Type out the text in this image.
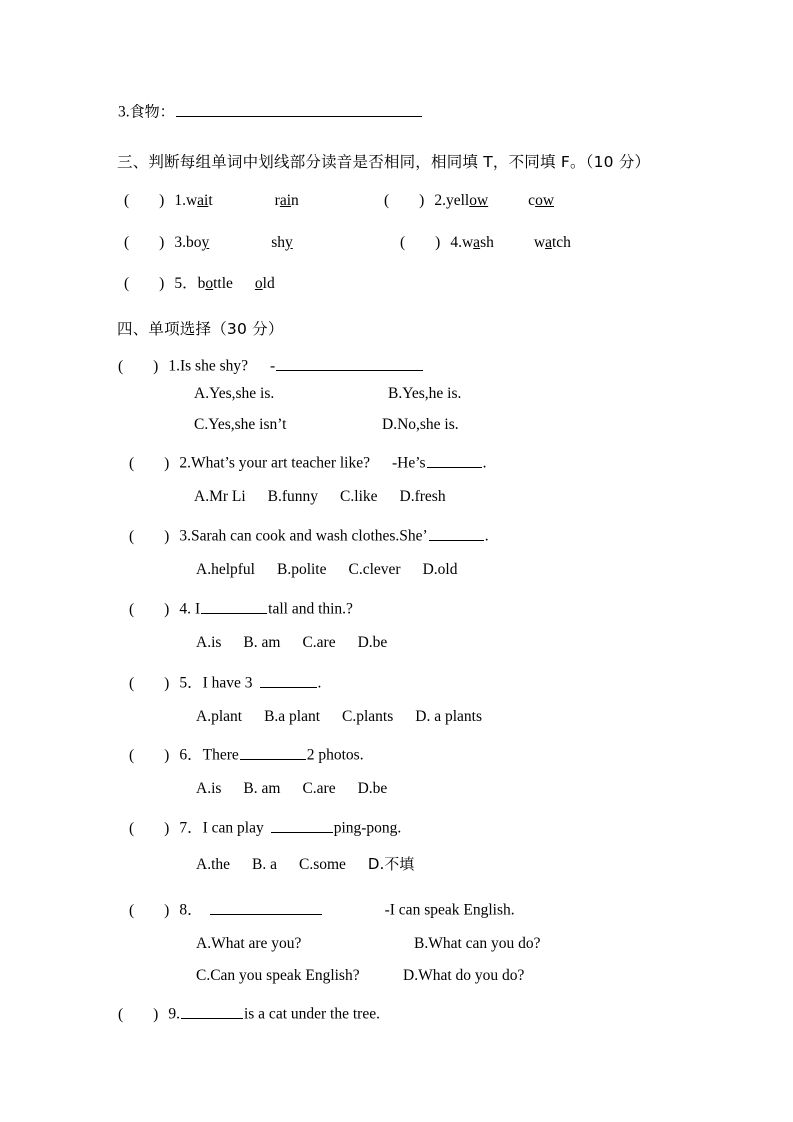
3.食物：
三、判断每组单词中划线部分读音是否相同，相同填 T，不同填 F。（10 分）
( ) 1.wait	rain	( ) 2.yellow	cow
( ) 3.boy	shy	( ) 4.wash	watch
( ) 5．bottle old
四、单项选择（30 分）
( ) 1.Is she shy? -
A.Yes,she is.	B.Yes,he is.
C.Yes,she isn’t	D.No,she is.
( ) 2.What’s your art teacher like? -He’s	.
A.Mr Li B.funny C.like D.fresh
( ) 3.Sarah can cook and wash clothes.She’	.
A.helpful B.polite C.clever D.old
( ) 4. I	tall and thin.?
A.is B. am C.are D.be
( ) 5．I have 3	.
A.plant B.a plant C.plants D. a plants
( ) 6．There	2 photos.
A.is B. am C.are D.be
( ) 7．I can play	ping-pong.
A.the B. a C.some D.不填
( ) 8．	-I can speak English.
A.What are you?	B.What can you do?
C.Can you speak English?	D.What do you do?
( ) 9.	is a cat under the tree.
